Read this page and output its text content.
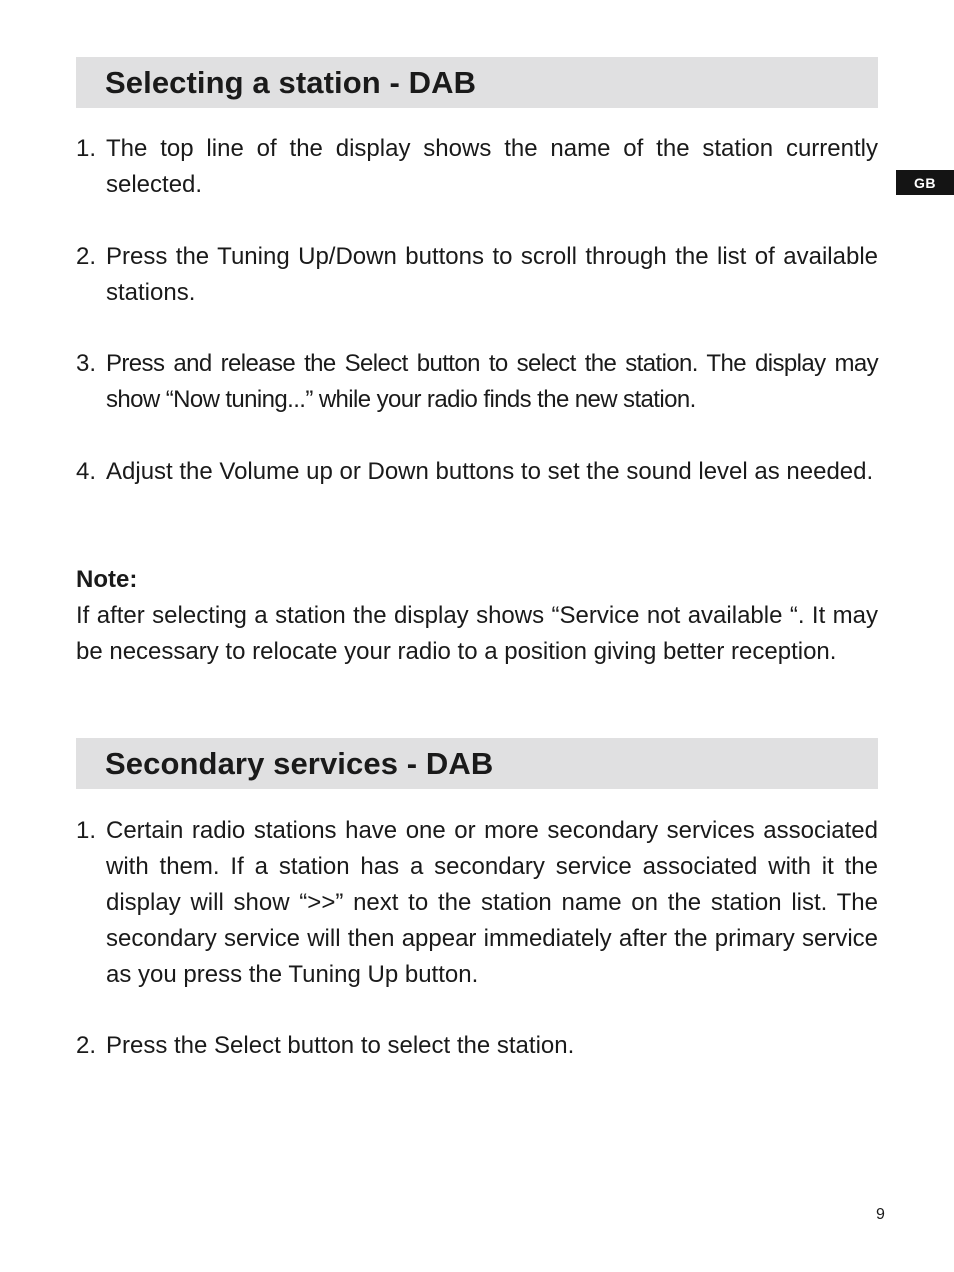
Selecting a station - DAB
GB
1. The top line of the display shows the name of the station currently selected.
2. Press the Tuning Up/Down buttons to scroll through the list of available stations.
3. Press and release the Select button to select the station. The display may show “Now tuning...” while your radio finds the new station.
4. Adjust the Volume up or Down buttons to set the sound level as needed.
Note:
If after selecting a station the display shows “Service not available “. It may be necessary to relocate your radio to a position giving better reception.
Secondary services - DAB
1. Certain radio stations have one or more secondary services associated with them. If a station has a secondary service associated with it the display will show “>>” next to the station name on the station list. The secondary service will then appear immediately after the primary service as you press the Tuning Up button.
2. Press the Select button to select the station.
9
